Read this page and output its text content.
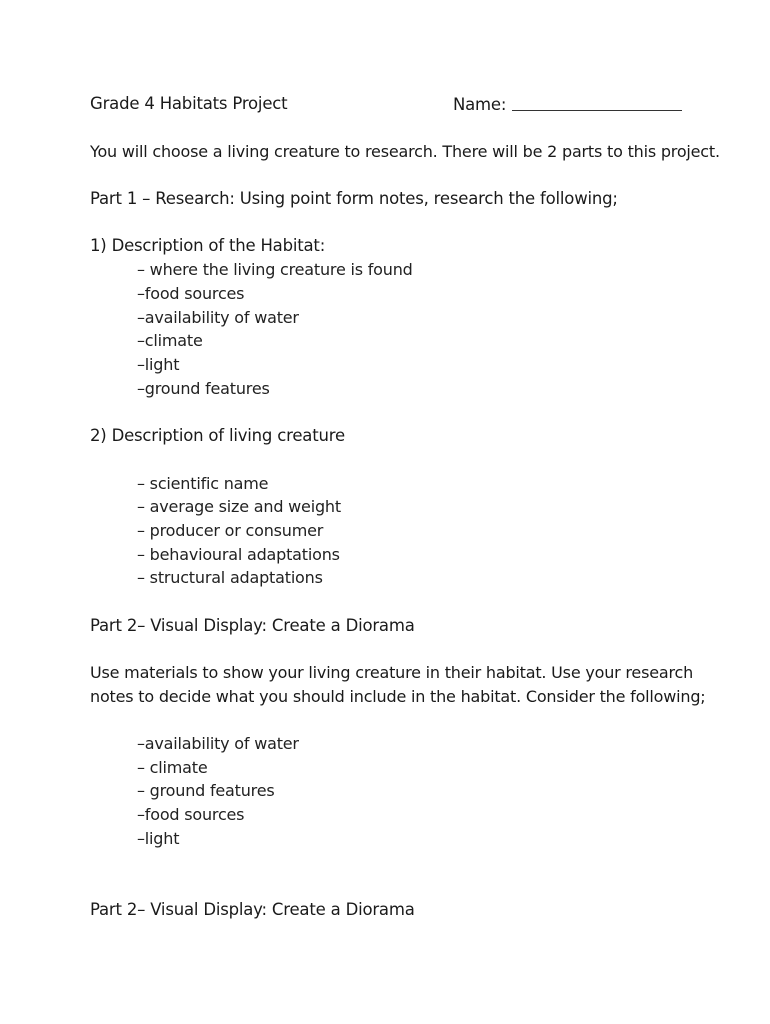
Grade 4 Habitats Project	Name:
You will choose a living creature to research. There will be 2 parts to this project.
Part 1 – Research: Using point form notes, research the following;
1) Description of the Habitat:
– where the living creature is found
–food sources
–availability of water
–climate
–light
–ground features
2) Description of living creature
– scientific name
– average size and weight
– producer or consumer
– behavioural adaptations
– structural adaptations
Part 2– Visual Display: Create a Diorama
Use materials to show your living creature in their habitat. Use your research
notes to decide what you should include in the habitat. Consider the following;
–availability of water
– climate
– ground features
–food sources
–light
Part 2– Visual Display: Create a Diorama
